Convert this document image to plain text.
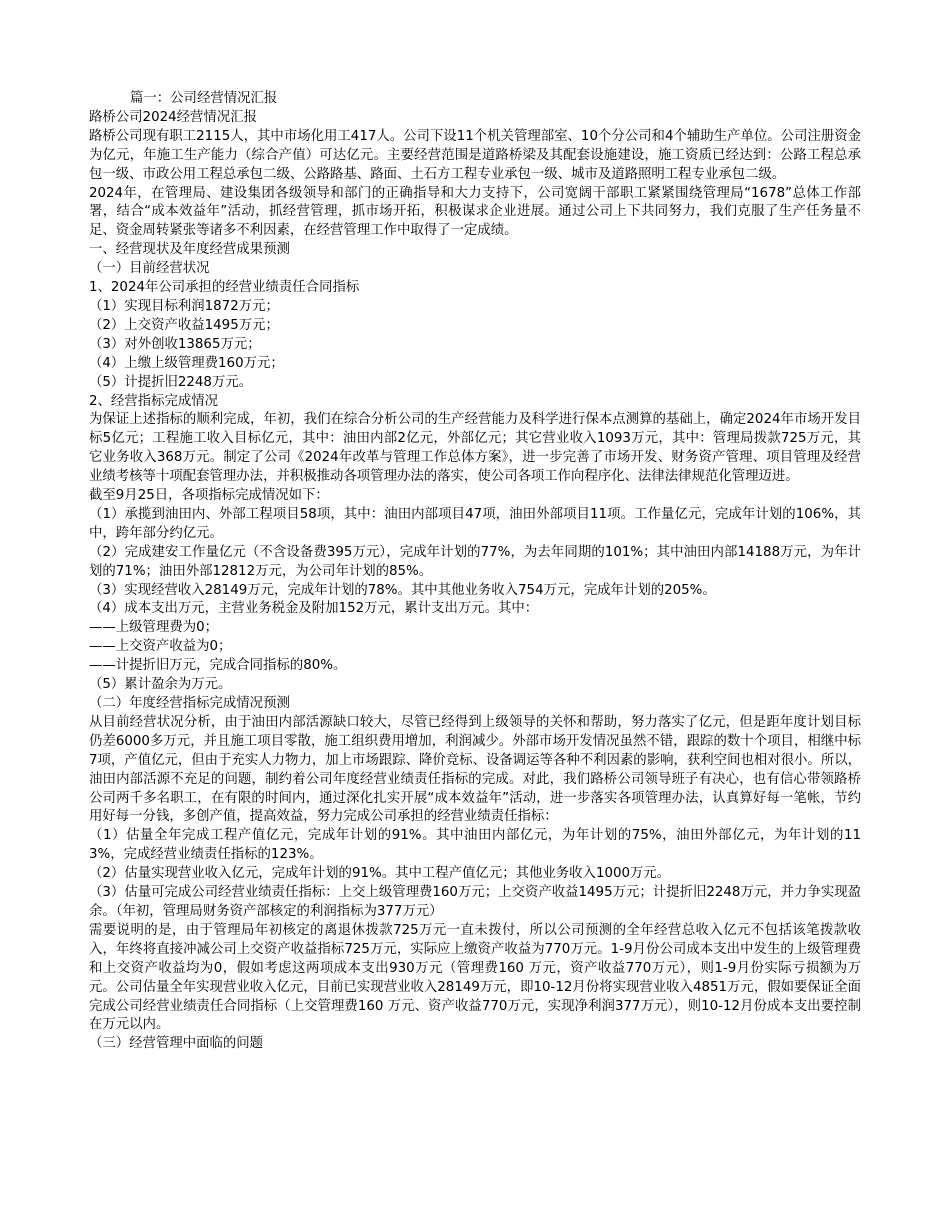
篇一：公司经营情况汇报

路桥公司2024经营情况汇报

路桥公司现有职工2115人，其中市场化用工417人。公司下设11个机关管理部室、10个分公司和4个辅助生产单位。公司注册资金为亿元，年施工生产能力（综合产值）可达亿元。主要经营范围是道路桥梁及其配套设施建设，施工资质已经达到：公路工程总承包一级、市政公用工程总承包二级、公路路基、路面、土石方工程专业承包一级、城市及道路照明工程专业承包二级。

2024年，在管理局、建设集团各级领导和部门的正确指导和大力支持下，公司宽阔干部职工紧紧围绕管理局“1678”总体工作部署，结合“成本效益年”活动，抓经营管理，抓市场开拓，积极谋求企业进展。通过公司上下共同努力，我们克服了生产任务量不足、资金周转紧张等诸多不利因素，在经营管理工作中取得了一定成绩。

一、经营现状及年度经营成果预测

（一）目前经营状况

1、2024年公司承担的经营业绩责任合同指标

（1）实现目标利润1872万元；

（2）上交资产收益1495万元；

（3）对外创收13865万元；

（4）上缴上级管理费160万元；

（5）计提折旧2248万元。

2、经营指标完成情况

为保证上述指标的顺利完成，年初，我们在综合分析公司的生产经营能力及科学进行保本点测算的基础上，确定2024年市场开发目标5亿元；工程施工收入目标亿元，其中：油田内部2亿元，外部亿元；其它营业收入1093万元，其中：管理局拨款725万元，其它业务收入368万元。制定了公司《2024年改革与管理工作总体方案》，进一步完善了市场开发、财务资产管理、项目管理及经营业绩考核等十项配套管理办法，并积极推动各项管理办法的落实，使公司各项工作向程序化、法律法律规范化管理迈进。

截至9月25日，各项指标完成情况如下：

（1）承揽到油田内、外部工程项目58项，其中：油田内部项目47项，油田外部项目11项。工作量亿元，完成年计划的106%，其中，跨年部分约亿元。

（2）完成建安工作量亿元（不含设备费395万元），完成年计划的77%，为去年同期的101%；其中油田内部14188万元，为年计划的71%；油田外部12812万元，为公司年计划的85%。

（3）实现经营收入28149万元，完成年计划的78%。其中其他业务收入754万元，完成年计划的205%。

（4）成本支出万元，主营业务税金及附加152万元，累计支出万元。其中：

——上级管理费为0；

——上交资产收益为0；

——计提折旧万元，完成合同指标的80%。

（5）累计盈余为万元。

（二）年度经营指标完成情况预测

从目前经营状况分析，由于油田内部活源缺口较大，尽管已经得到上级领导的关怀和帮助，努力落实了亿元，但是距年度计划目标仍差6000多万元，并且施工项目零散，施工组织费用增加，利润减少。外部市场开发情况虽然不错，跟踪的数十个项目，相继中标7项，产值亿元，但由于充实人力物力，加上市场跟踪、降价竞标、设备调运等各种不利因素的影响，获利空间也相对很小。所以，油田内部活源不充足的问题，制约着公司年度经营业绩责任指标的完成。对此，我们路桥公司领导班子有决心，也有信心带领路桥公司两千多名职工，在有限的时间内，通过深化扎实开展“成本效益年”活动，进一步落实各项管理办法，认真算好每一笔帐，节约用好每一分钱，多创产值，提高效益，努力完成公司承担的经营业绩责任指标：

（1）估量全年完成工程产值亿元，完成年计划的91%。其中油田内部亿元，为年计划的75%，油田外部亿元，为年计划的113%，完成经营业绩责任指标的123%。

（2）估量实现营业收入亿元，完成年计划的91%。其中工程产值亿元；其他业务收入1000万元。

（3）估量可完成公司经营业绩责任指标：上交上级管理费160万元；上交资产收益1495万元；计提折旧2248万元，并力争实现盈余。（年初，管理局财务资产部核定的利润指标为377万元）

需要说明的是，由于管理局年初核定的离退休拨款725万元一直未拨付，所以公司预测的全年经营总收入亿元不包括该笔拨款收入，年终将直接冲减公司上交资产收益指标725万元，实际应上缴资产收益为770万元。1-9月份公司成本支出中发生的上级管理费和上交资产收益均为0，假如考虑这两项成本支出930万元（管理费160 万元，资产收益770万元），则1-9月份实际亏损额为万元。公司估量全年实现营业收入亿元，目前已实现营业收入28149万元，即10-12月份将实现营业收入4851万元，假如要保证全面完成公司经营业绩责任合同指标（上交管理费160 万元、资产收益770万元，实现净利润377万元），则10-12月份成本支出要控制在万元以内。

（三）经营管理中面临的问题
